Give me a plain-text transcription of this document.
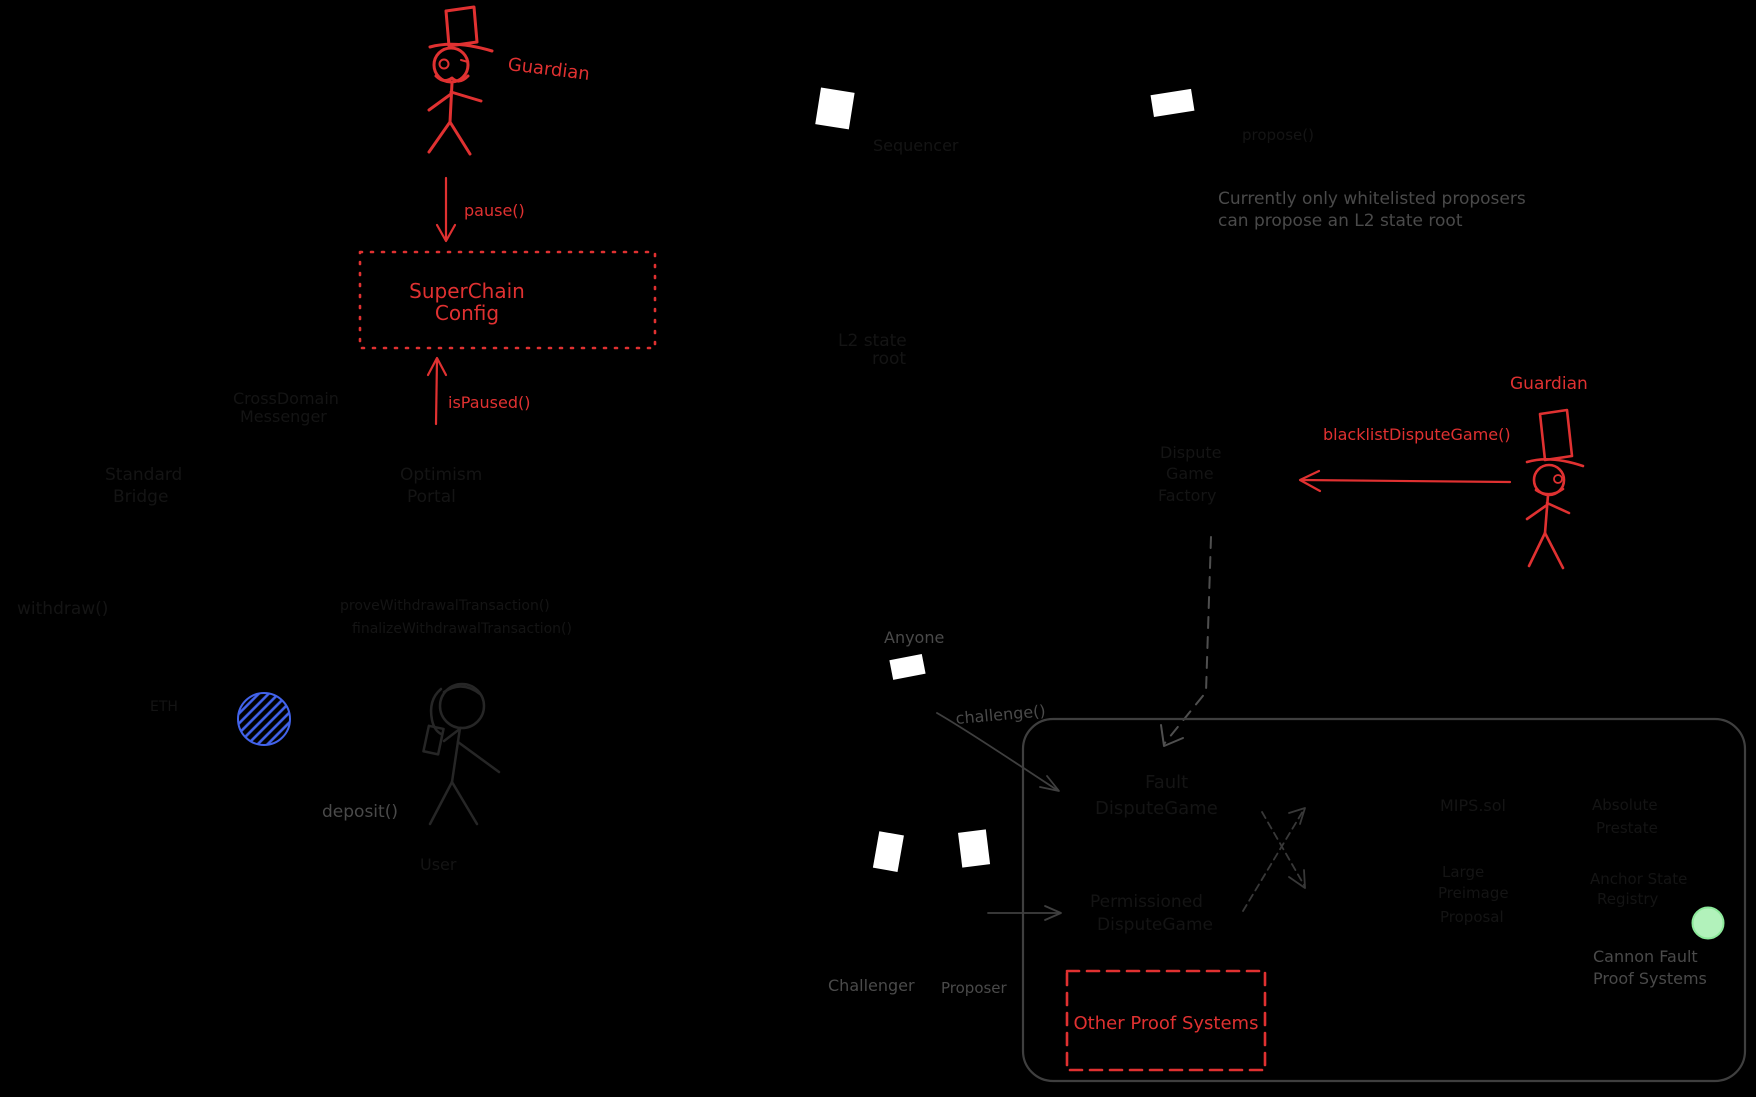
Guardian
pause()
SuperChain
Config
isPaused()
Sequencer
propose()
L2 state
root
Currently only whitelisted proposers
can propose an L2 state root
CrossDomain
Messenger
Standard
Bridge
Optimism
Portal
withdraw()	proveWithdrawalTransaction()
finalizeWithdrawalTransaction()
ETH
deposit()
User
Dispute
Game
Factory
Guardian
blacklistDisputeGame()
Anyone
challenge()
Challenger Proposer
Fault
DisputeGame
Permissioned
DisputeGame
MIPS.sol
Large
Preimage
Proposal
Absolute
Prestate
Anchor State
Registry
Cannon Fault
Proof Systems
Other Proof Systems
